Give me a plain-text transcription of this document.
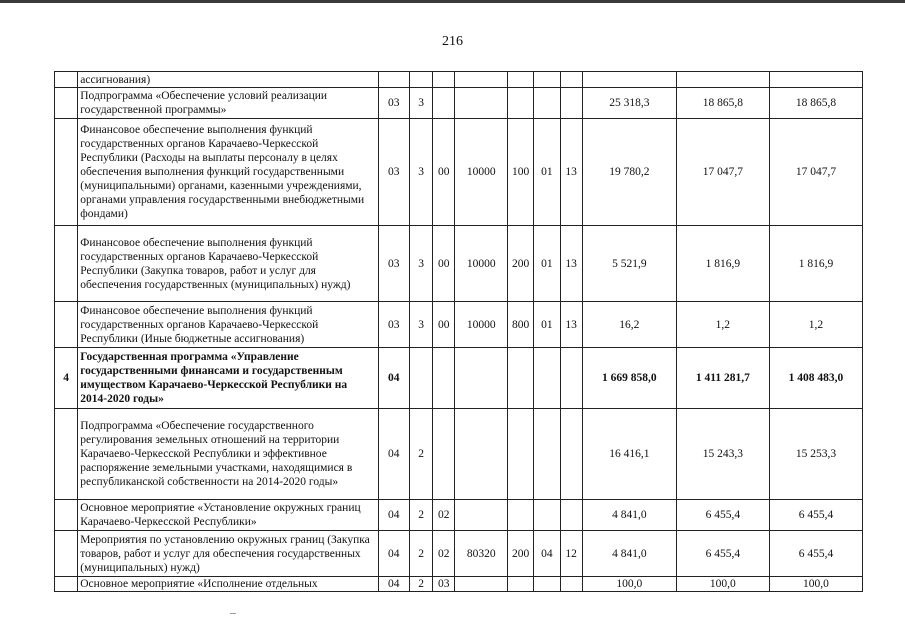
216
	ассигнования)										
	Подпрограмма «Обеспечение условий реализации государственной программы»	03	3						25 318,3	18 865,8	18 865,8
	Финансовое обеспечение выполнения функций государственных органов Карачаево-Черкесской Республики (Расходы на выплаты персоналу в целях обеспечения выполнения функций государственными (муниципальными) органами, казенными учреждениями, органами управления государственными внебюджетными фондами)	03	3	00	10000	100	01	13	19 780,2	17 047,7	17 047,7
	Финансовое обеспечение выполнения функций государственных органов Карачаево-Черкесской Республики (Закупка товаров, работ и услуг для обеспечения государственных (муниципальных) нужд)	03	3	00	10000	200	01	13	5 521,9	1 816,9	1 816,9
	Финансовое обеспечение выполнения функций государственных органов Карачаево-Черкесской Республики (Иные бюджетные ассигнования)	03	3	00	10000	800	01	13	16,2	1,2	1,2
4	Государственная программа «Управление государственными финансами и государственным имуществом Карачаево-Черкесской Республики на 2014-2020 годы»	04							1 669 858,0	1 411 281,7	1 408 483,0
	Подпрограмма «Обеспечение государственного регулирования земельных отношений на территории Карачаево-Черкесской Республики и эффективное распоряжение земельными участками, находящимися в республиканской собственности на 2014-2020 годы»	04	2						16 416,1	15 243,3	15 253,3
	Основное мероприятие «Установление окружных границ Карачаево-Черкесской Республики»	04	2	02					4 841,0	6 455,4	6 455,4
	Мероприятия по установлению окружных границ (Закупка товаров, работ и услуг для обеспечения государственных (муниципальных) нужд)	04	2	02	80320	200	04	12	4 841,0	6 455,4	6 455,4
	Основное мероприятие «Исполнение отдельных	04	2	03					100,0	100,0	100,0
